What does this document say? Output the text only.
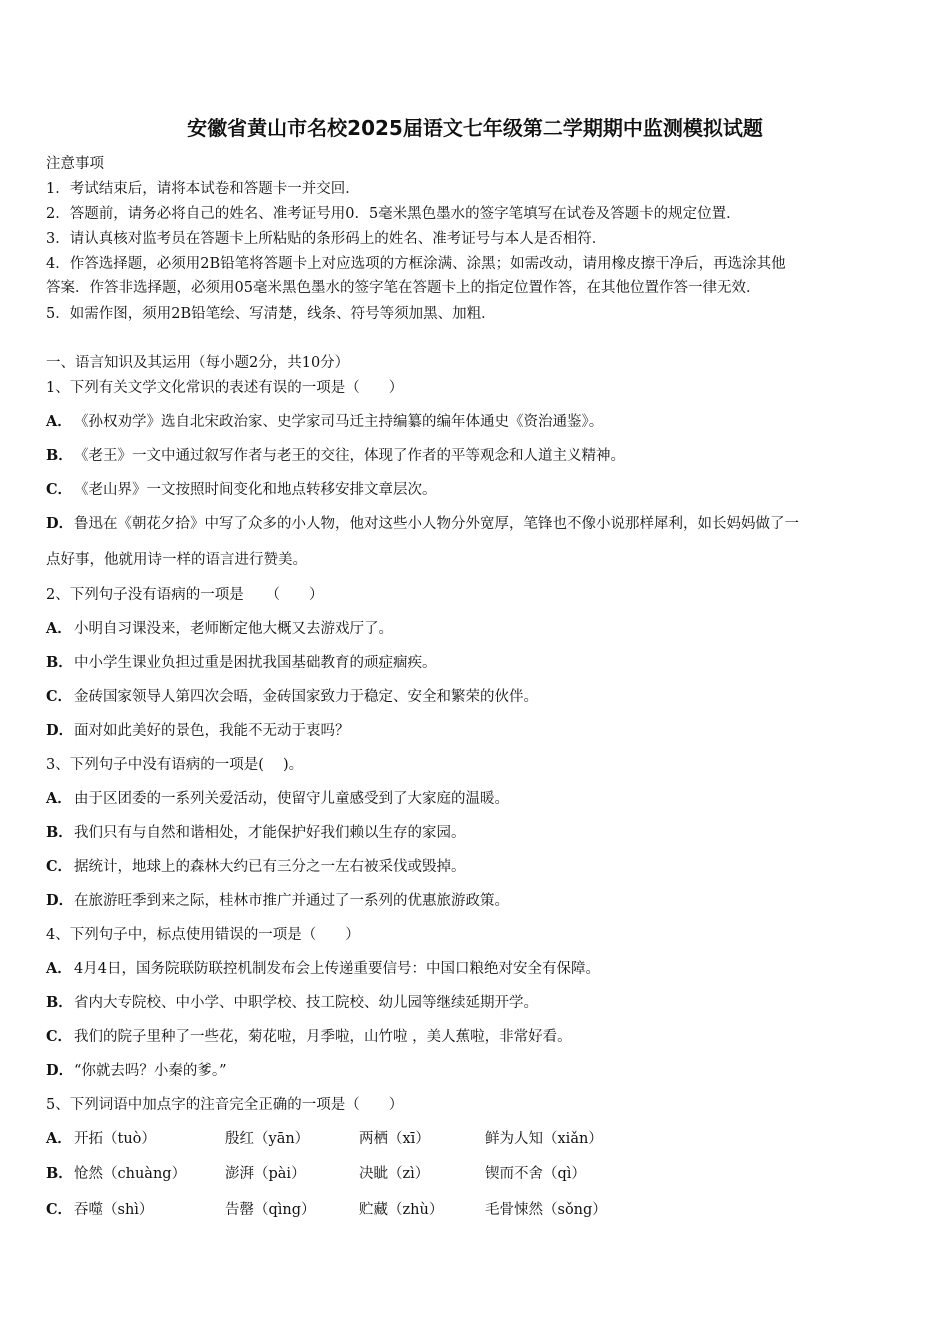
安徽省黄山市名校2025届语文七年级第二学期期中监测模拟试题
注意事项
1．考试结束后，请将本试卷和答题卡一并交回．
2．答题前，请务必将自己的姓名、准考证号用0．5毫米黑色墨水的签字笔填写在试卷及答题卡的规定位置．
3．请认真核对监考员在答题卡上所粘贴的条形码上的姓名、准考证号与本人是否相符．
4．作答选择题，必须用2B铅笔将答题卡上对应选项的方框涂满、涂黑；如需改动，请用橡皮擦干净后，再选涂其他
答案．作答非选择题，必须用05毫米黑色墨水的签字笔在答题卡上的指定位置作答，在其他位置作答一律无效．
5．如需作图，须用2B铅笔绘、写清楚，线条、符号等须加黑、加粗．
一、语言知识及其运用（每小题2分，共10分）
1、下列有关文学文化常识的表述有误的一项是（　　）
A． 《孙权劝学》选自北宋政治家、史学家司马迁主持编纂的编年体通史《资治通鉴》。
B．《老王》一文中通过叙写作者与老王的交往，体现了作者的平等观念和人道主义精神。
C． 《老山界》一文按照时间变化和地点转移安排文章层次。
D．鲁迅在《朝花夕拾》中写了众多的小人物，他对这些小人物分外宽厚，笔锋也不像小说那样犀利，如长妈妈做了一
点好事，他就用诗一样的语言进行赞美。
2、下列句子没有语病的一项是　　（　　）
A． 小明自习课没来，老师断定他大概又去游戏厅了。
B．中小学生课业负担过重是困扰我国基础教育的顽症痼疾。
C． 金砖国家领导人第四次会晤，金砖国家致力于稳定、安全和繁荣的伙伴。
D．面对如此美好的景色，我能不无动于衷吗？
3、下列句子中没有语病的一项是(　 )。
A． 由于区团委的一系列关爱活动，使留守儿童感受到了大家庭的温暖。
B．我们只有与自然和谐相处，才能保护好我们赖以生存的家园。
C． 据统计，地球上的森林大约已有三分之一左右被采伐或毁掉。
D．在旅游旺季到来之际，桂林市推广并通过了一系列的优惠旅游政策。
4、下列句子中，标点使用错误的一项是（　　）
A． 4月4日，国务院联防联控机制发布会上传递重要信号：中国口粮绝对安全有保障。
B．省内大专院校、中小学、中职学校、技工院校、幼儿园等继续延期开学。
C． 我们的院子里种了一些花，菊花啦，月季啦，山竹啦 ，美人蕉啦，非常好看。
D．“你就去吗？小秦的爹。”
5、下列词语中加点字的注音完全正确的一项是（　　）
A． 开拓（tuò）	殷红（yān）	两栖（xī）	鲜为人知（xiǎn）
B． 怆然（chuàng）	澎湃（pài）	决眦（zì）	锲而不舍（qì）
C． 吞噬（shì）	告罄（qìng）	贮藏（zhù）	毛骨悚然（sǒng）
